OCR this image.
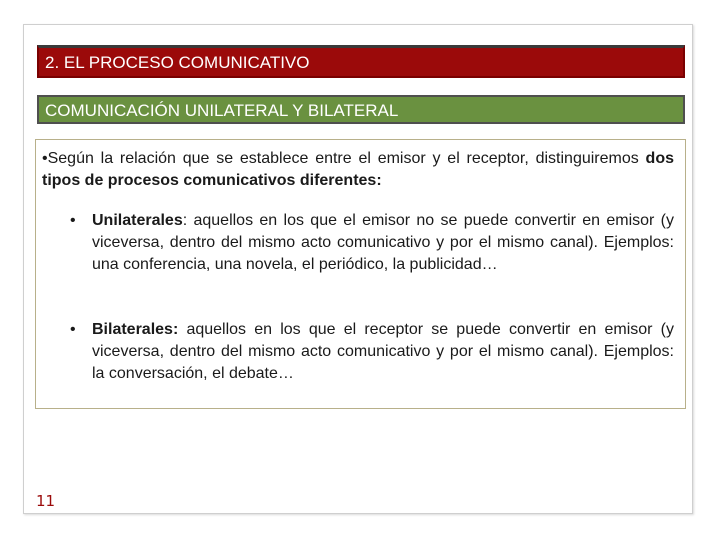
2. EL PROCESO COMUNICATIVO
COMUNICACIÓN UNILATERAL Y BILATERAL

•Según la relación que se establece entre el emisor y el receptor, distinguiremos dos tipos de procesos comunicativos diferentes:

•	Unilaterales: aquellos en los que el emisor no se puede convertir en emisor (y viceversa, dentro del mismo acto comunicativo y por el mismo canal). Ejemplos: una conferencia, una novela, el periódico, la publicidad…
•	Bilaterales: aquellos en los que el receptor se puede convertir en emisor (y viceversa, dentro del mismo acto comunicativo y por el mismo canal). Ejemplos: la conversación, el debate…
11
